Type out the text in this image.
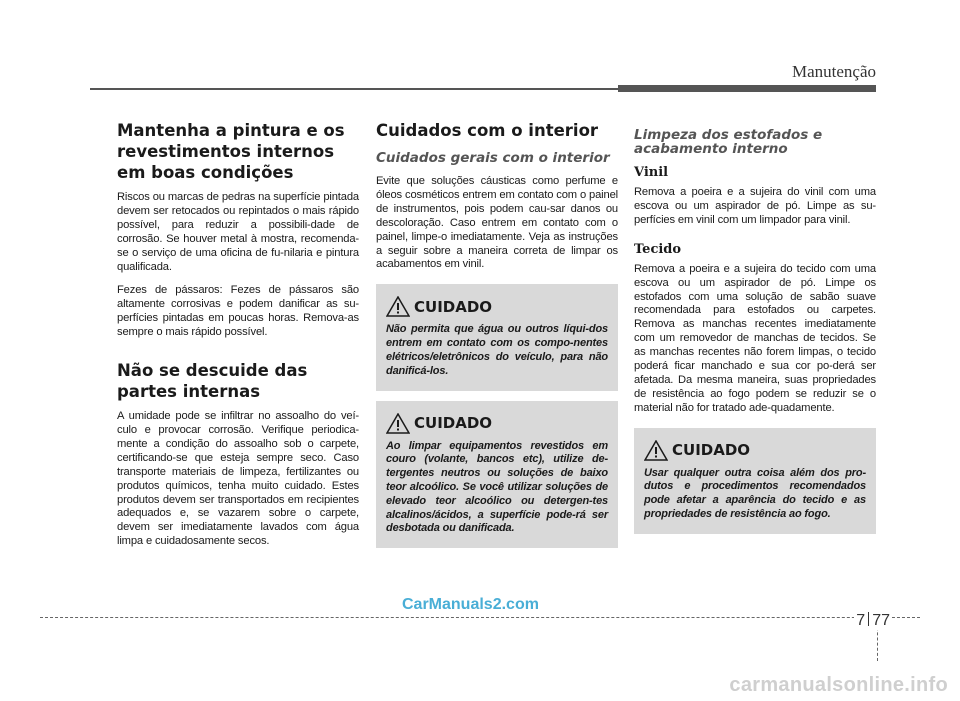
Manutenção
Mantenha a pintura e os revestimentos internos em boas condições

Riscos ou marcas de pedras na superfície pintada devem ser retocados ou repintados o mais rápido possível, para reduzir a possibili-dade de corrosão. Se houver metal à mostra, recomenda-se o serviço de uma oficina de fu-nilaria e pintura qualificada.

Fezes de pássaros: Fezes de pássaros são altamente corrosivas e podem danificar as su-perfícies pintadas em poucas horas. Remova-as sempre o mais rápido possível.

Não se descuide das partes internas

A umidade pode se infiltrar no assoalho do veí-culo e provocar corrosão. Verifique periodica-mente a condição do assoalho sob o carpete, certificando-se que esteja sempre seco. Caso transporte materiais de limpeza, fertilizantes ou produtos químicos, tenha muito cuidado. Estes produtos devem ser transportados em recipientes adequados e, se vazarem sobre o carpete, devem ser imediatamente lavados com água limpa e cuidadosamente secos.

Cuidados com o interior
Cuidados gerais com o interior

Evite que soluções cáusticas como perfume e óleos cosméticos entrem em contato com o painel de instrumentos, pois podem cau-sar danos ou descoloração. Caso entrem em contato com o painel, limpe-o imediatamente. Veja as instruções a seguir sobre a maneira correta de limpar os acabamentos em vinil.

CUIDADO

Não permita que água ou outros líqui-dos entrem em contato com os compo-nentes elétricos/eletrônicos do veículo, para não danificá-los.

CUIDADO

Ao limpar equipamentos revestidos em couro (volante, bancos etc), utilize de-tergentes neutros ou soluções de baixo teor alcoólico. Se você utilizar soluções de elevado teor alcoólico ou detergen-tes alcalinos/ácidos, a superfície pode-rá ser desbotada ou danificada.

Limpeza dos estofados e acabamento interno
Vinil

Remova a poeira e a sujeira do vinil com uma escova ou um aspirador de pó. Limpe as su-perfícies em vinil com um limpador para vinil.

Tecido

Remova a poeira e a sujeira do tecido com uma escova ou um aspirador de pó. Limpe os estofados com uma solução de sabão suave recomendada para estofados ou carpetes. Remova as manchas recentes imediatamente com um removedor de manchas de tecidos. Se as manchas recentes não forem limpas, o tecido poderá ficar manchado e sua cor po-derá ser afetada. Da mesma maneira, suas propriedades de resistência ao fogo podem se reduzir se o material não for tratado ade-quadamente.

CUIDADO

Usar qualquer outra coisa além dos pro-dutos e procedimentos recomendados pode afetar a aparência do tecido e as propriedades de resistência ao fogo.

CarManuals2.com
7 77
carmanualsonline.info
